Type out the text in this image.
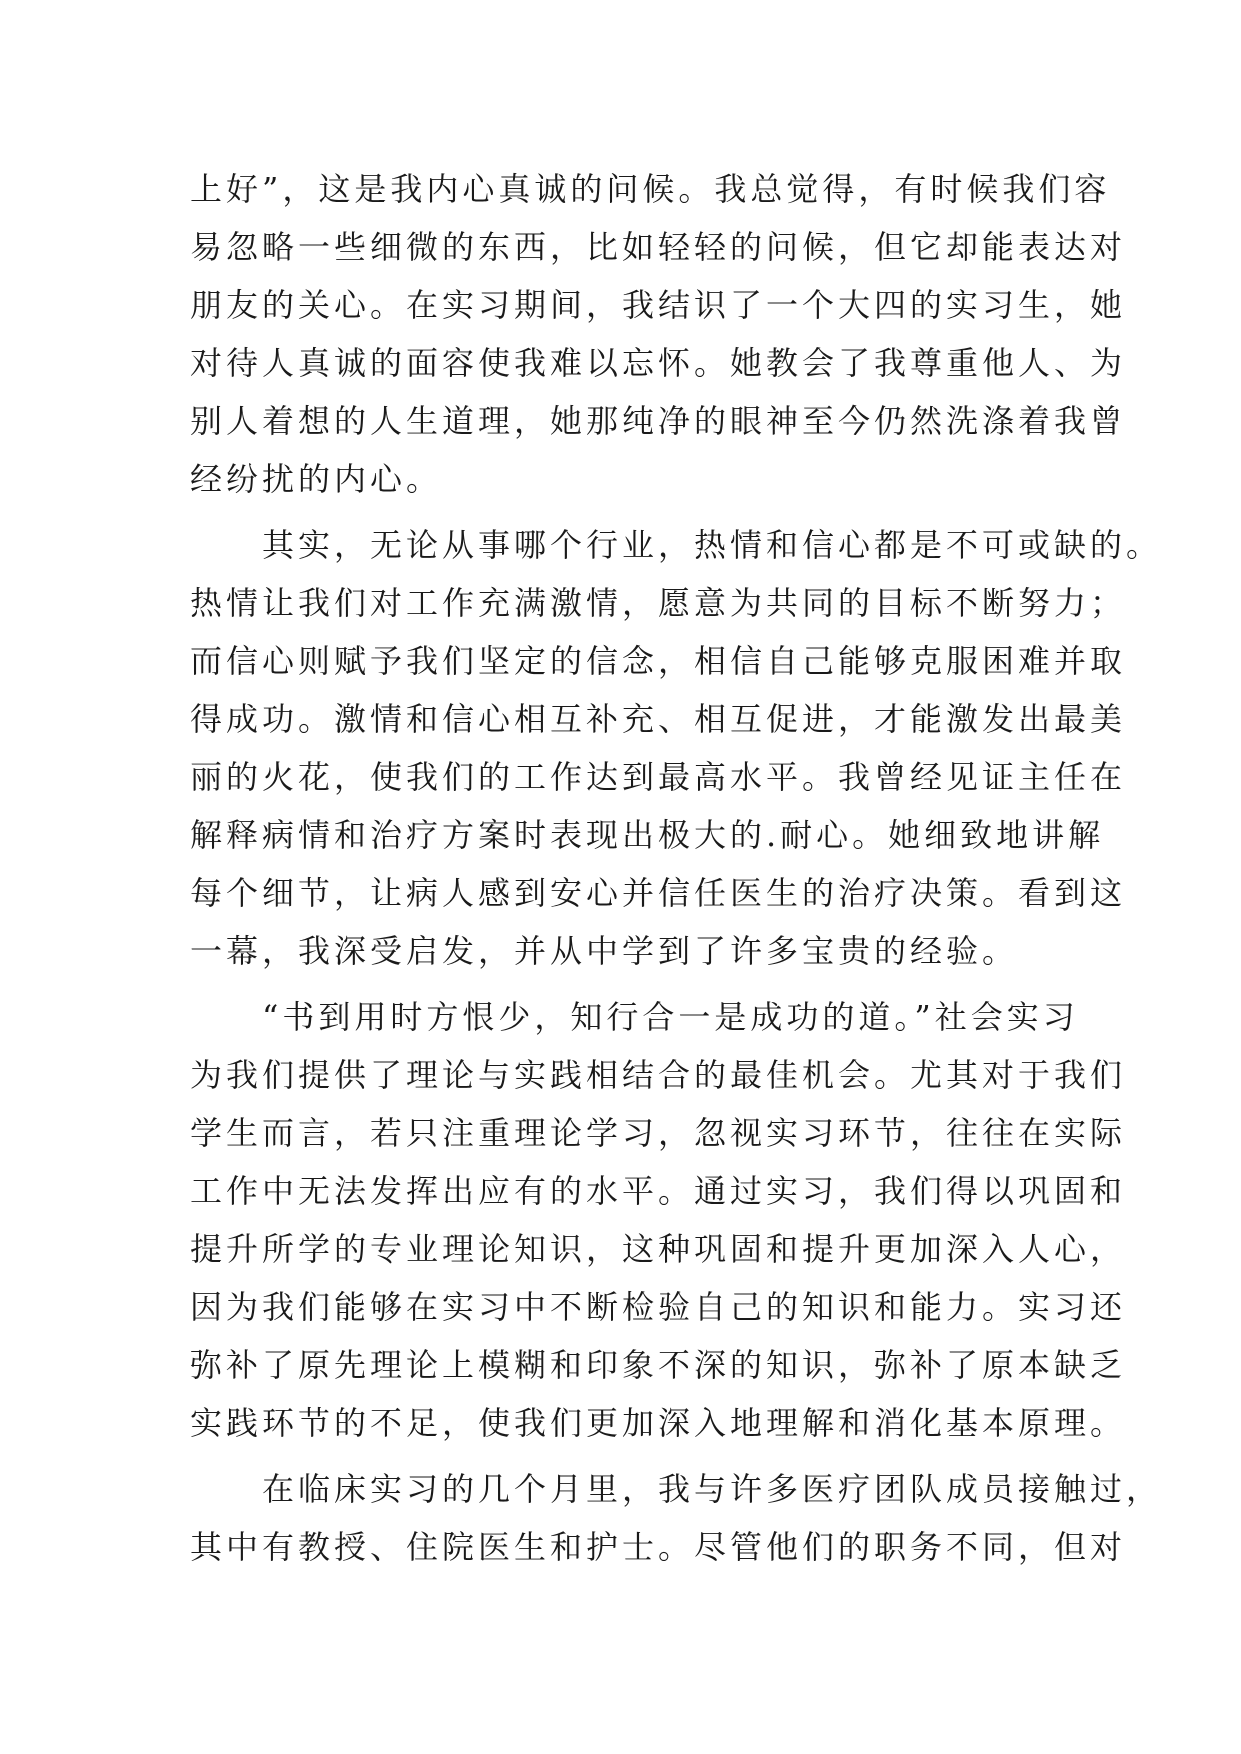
上好”，这是我内心真诚的问候。我总觉得，有时候我们容
易忽略一些细微的东西，比如轻轻的问候，但它却能表达对
朋友的关心。在实习期间，我结识了一个大四的实习生，她
对待人真诚的面容使我难以忘怀。她教会了我尊重他人、为
别人着想的人生道理，她那纯净的眼神至今仍然洗涤着我曾
经纷扰的内心。
　　其实，无论从事哪个行业，热情和信心都是不可或缺的。
热情让我们对工作充满激情，愿意为共同的目标不断努力；
而信心则赋予我们坚定的信念，相信自己能够克服困难并取
得成功。激情和信心相互补充、相互促进，才能激发出最美
丽的火花，使我们的工作达到最高水平。我曾经见证主任在
解释病情和治疗方案时表现出极大的.耐心。她细致地讲解
每个细节，让病人感到安心并信任医生的治疗决策。看到这
一幕，我深受启发，并从中学到了许多宝贵的经验。
　　“书到用时方恨少，知行合一是成功的道。”社会实习
为我们提供了理论与实践相结合的最佳机会。尤其对于我们
学生而言，若只注重理论学习，忽视实习环节，往往在实际
工作中无法发挥出应有的水平。通过实习，我们得以巩固和
提升所学的专业理论知识，这种巩固和提升更加深入人心，
因为我们能够在实习中不断检验自己的知识和能力。实习还
弥补了原先理论上模糊和印象不深的知识，弥补了原本缺乏
实践环节的不足，使我们更加深入地理解和消化基本原理。
　　在临床实习的几个月里，我与许多医疗团队成员接触过，
其中有教授、住院医生和护士。尽管他们的职务不同，但对
